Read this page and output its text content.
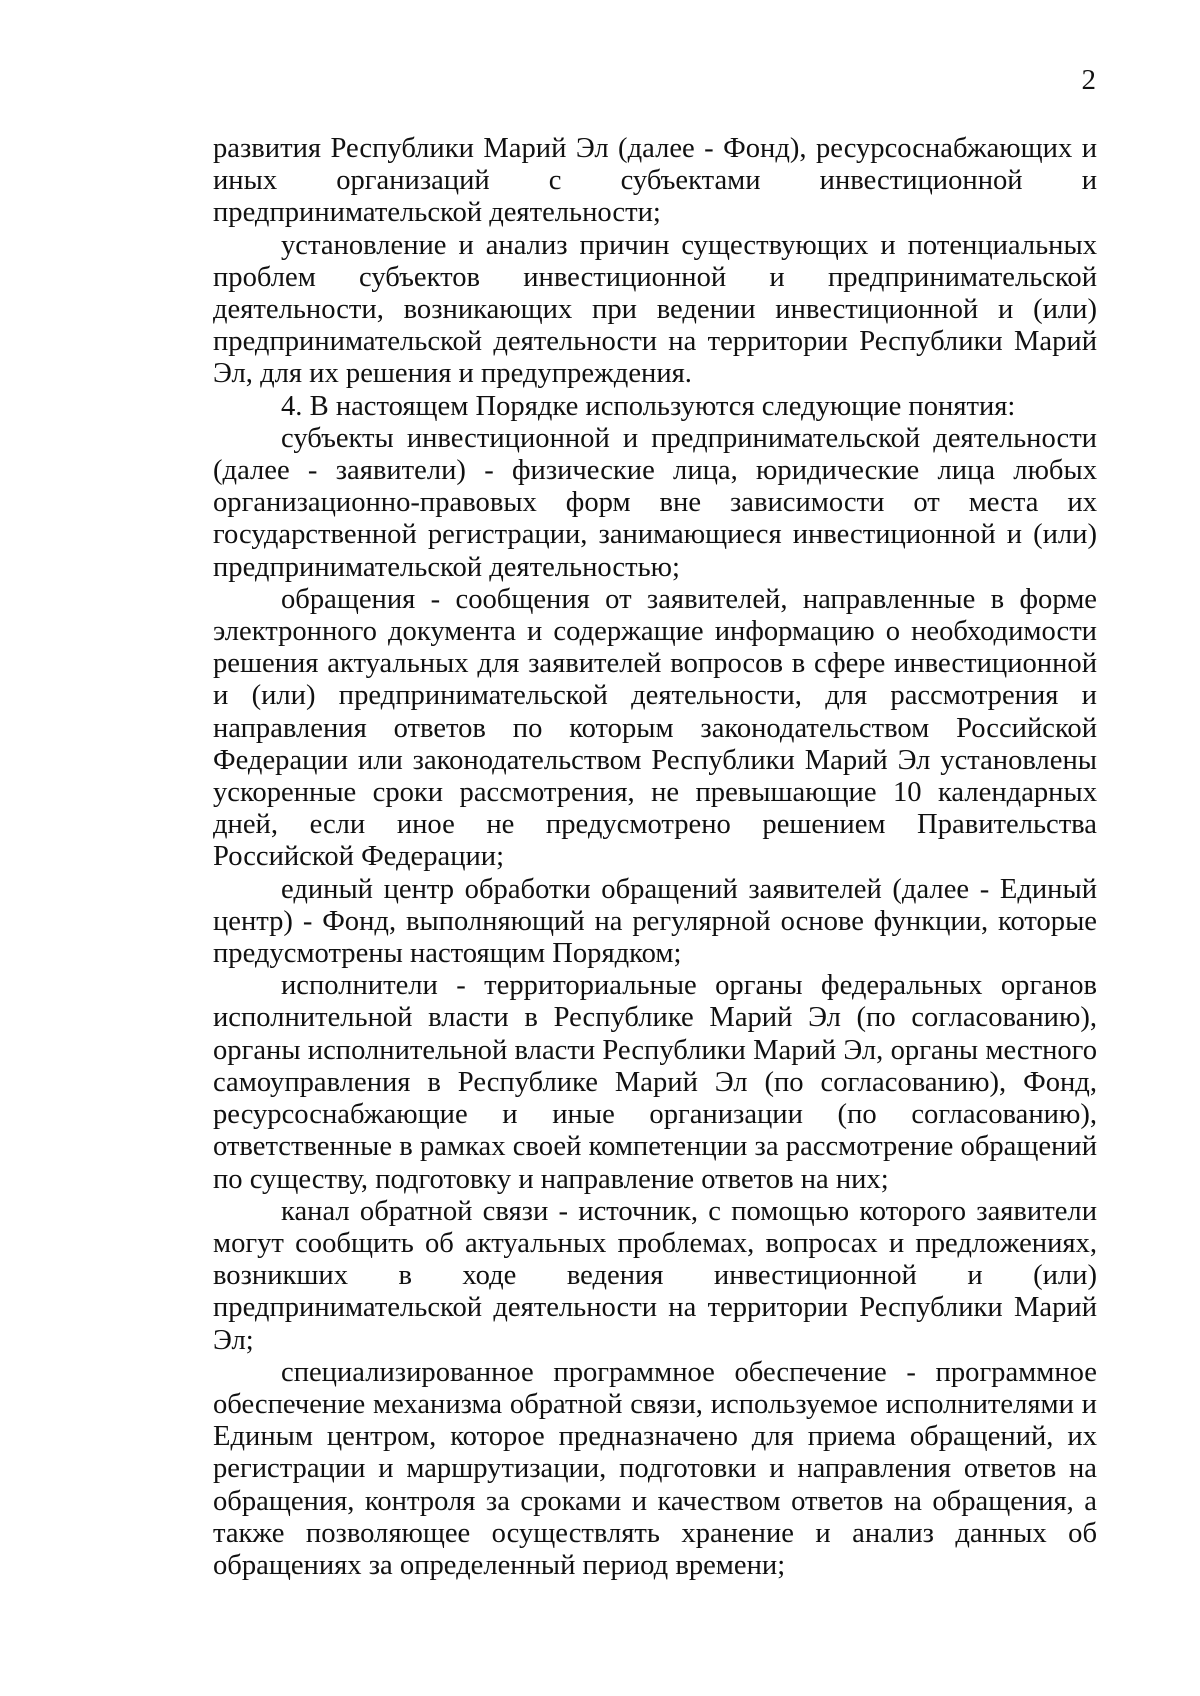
2

развития Республики Марий Эл (далее - Фонд), ресурсоснабжающих и иных организаций с субъектами инвестиционной и предпринимательской деятельности;

установление и анализ причин существующих и потенциальных проблем субъектов инвестиционной и предпринимательской деятельности, возникающих при ведении инвестиционной и (или) предпринимательской деятельности на территории Республики Марий Эл, для их решения и предупреждения.

4. В настоящем Порядке используются следующие понятия:

субъекты инвестиционной и предпринимательской деятельности (далее - заявители) - физические лица, юридические лица любых организационно-правовых форм вне зависимости от места их государственной регистрации, занимающиеся инвестиционной и (или) предпринимательской деятельностью;

обращения - сообщения от заявителей, направленные в форме электронного документа и содержащие информацию о необходимости решения актуальных для заявителей вопросов в сфере инвестиционной и (или) предпринимательской деятельности, для рассмотрения и направления ответов по которым законодательством Российской Федерации или законодательством Республики Марий Эл установлены ускоренные сроки рассмотрения, не превышающие 10 календарных дней, если иное не предусмотрено решением Правительства Российской Федерации;

единый центр обработки обращений заявителей (далее - Единый центр) - Фонд, выполняющий на регулярной основе функции, которые предусмотрены настоящим Порядком;

исполнители - территориальные органы федеральных органов исполнительной власти в Республике Марий Эл (по согласованию), органы исполнительной власти Республики Марий Эл, органы местного самоуправления в Республике Марий Эл (по согласованию), Фонд, ресурсоснабжающие и иные организации (по согласованию), ответственные в рамках своей компетенции за рассмотрение обращений по существу, подготовку и направление ответов на них;

канал обратной связи - источник, с помощью которого заявители могут сообщить об актуальных проблемах, вопросах и предложениях, возникших в ходе ведения инвестиционной и (или) предпринимательской деятельности на территории Республики Марий Эл;

специализированное программное обеспечение - программное обеспечение механизма обратной связи, используемое исполнителями и Единым центром, которое предназначено для приема обращений, их регистрации и маршрутизации, подготовки и направления ответов на обращения, контроля за сроками и качеством ответов на обращения, а также позволяющее осуществлять хранение и анализ данных об обращениях за определенный период времени;
